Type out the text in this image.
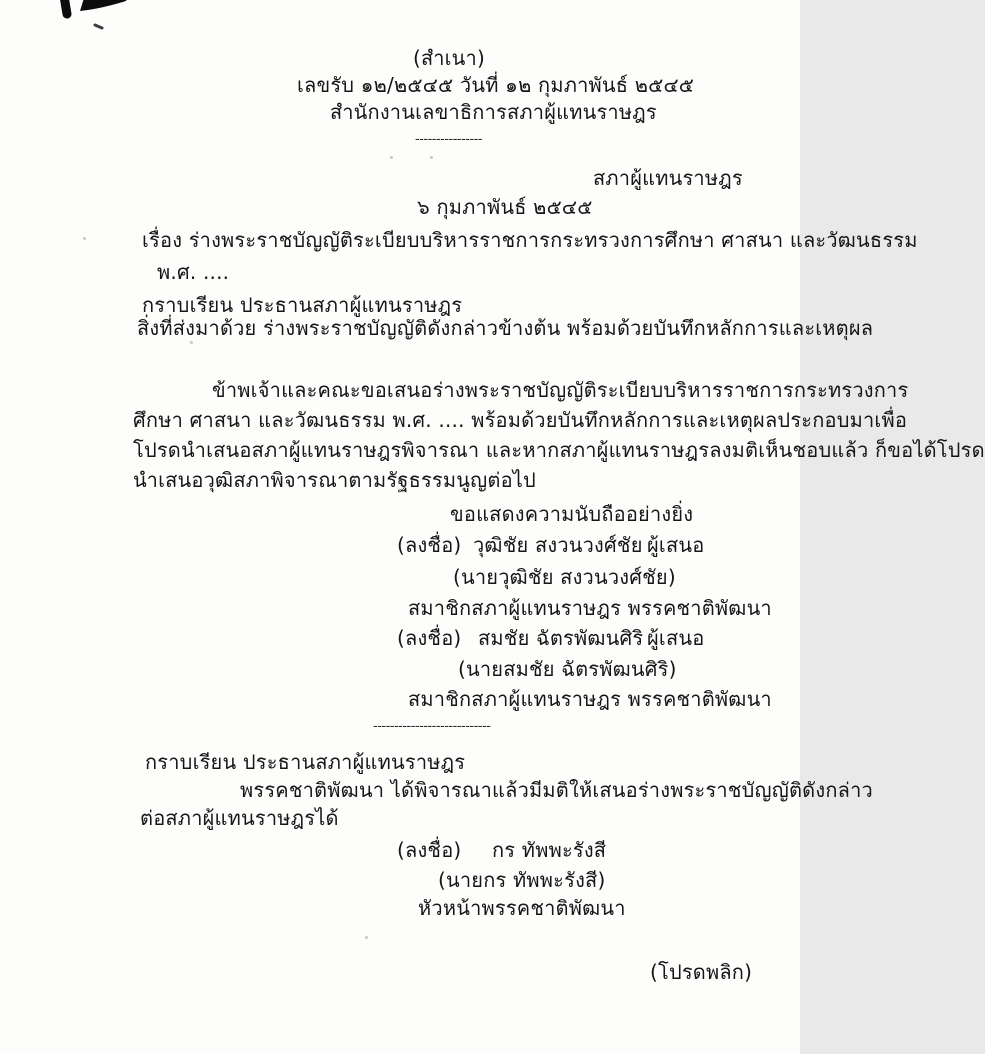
(สำเนา)
เลขรับ ๑๒/๒๕๔๕ วันที่ ๑๒ กุมภาพันธ์ ๒๕๔๕
สำนักงานเลขาธิการสภาผู้แทนราษฎร
----------------
สภาผู้แทนราษฎร
๖ กุมภาพันธ์ ๒๕๔๕
เรื่อง ร่างพระราชบัญญัติระเบียบบริหารราชการกระทรวงการศึกษา ศาสนา และวัฒนธรรม
พ.ศ. ....
กราบเรียน ประธานสภาผู้แทนราษฎร
สิ่งที่ส่งมาด้วย ร่างพระราชบัญญัติดังกล่าวข้างต้น พร้อมด้วยบันทึกหลักการและเหตุผล
ข้าพเจ้าและคณะขอเสนอร่างพระราชบัญญัติระเบียบบริหารราชการกระทรวงการ
ศึกษา ศาสนา และวัฒนธรรม พ.ศ. .... พร้อมด้วยบันทึกหลักการและเหตุผลประกอบมาเพื่อ
โปรดนำเสนอสภาผู้แทนราษฎรพิจารณา และหากสภาผู้แทนราษฎรลงมติเห็นชอบแล้ว ก็ขอได้โปรด
นำเสนอวุฒิสภาพิจารณาตามรัฐธรรมนูญต่อไป
ขอแสดงความนับถืออย่างยิ่ง
(ลงชื่อ) วุฒิชัย สงวนวงศ์ชัย ผู้เสนอ
(นายวุฒิชัย สงวนวงศ์ชัย)
สมาชิกสภาผู้แทนราษฎร พรรคชาติพัฒนา
(ลงชื่อ) สมชัย ฉัตรพัฒนศิริ ผู้เสนอ
(นายสมชัย ฉัตรพัฒนศิริ)
สมาชิกสภาผู้แทนราษฎร พรรคชาติพัฒนา
----------------------------
กราบเรียน ประธานสภาผู้แทนราษฎร
พรรคชาติพัฒนา ได้พิจารณาแล้วมีมติให้เสนอร่างพระราชบัญญัติดังกล่าว
ต่อสภาผู้แทนราษฎรได้
(ลงชื่อ) กร ทัพพะรังสี
(นายกร ทัพพะรังสี)
หัวหน้าพรรคชาติพัฒนา
(โปรดพลิก)
